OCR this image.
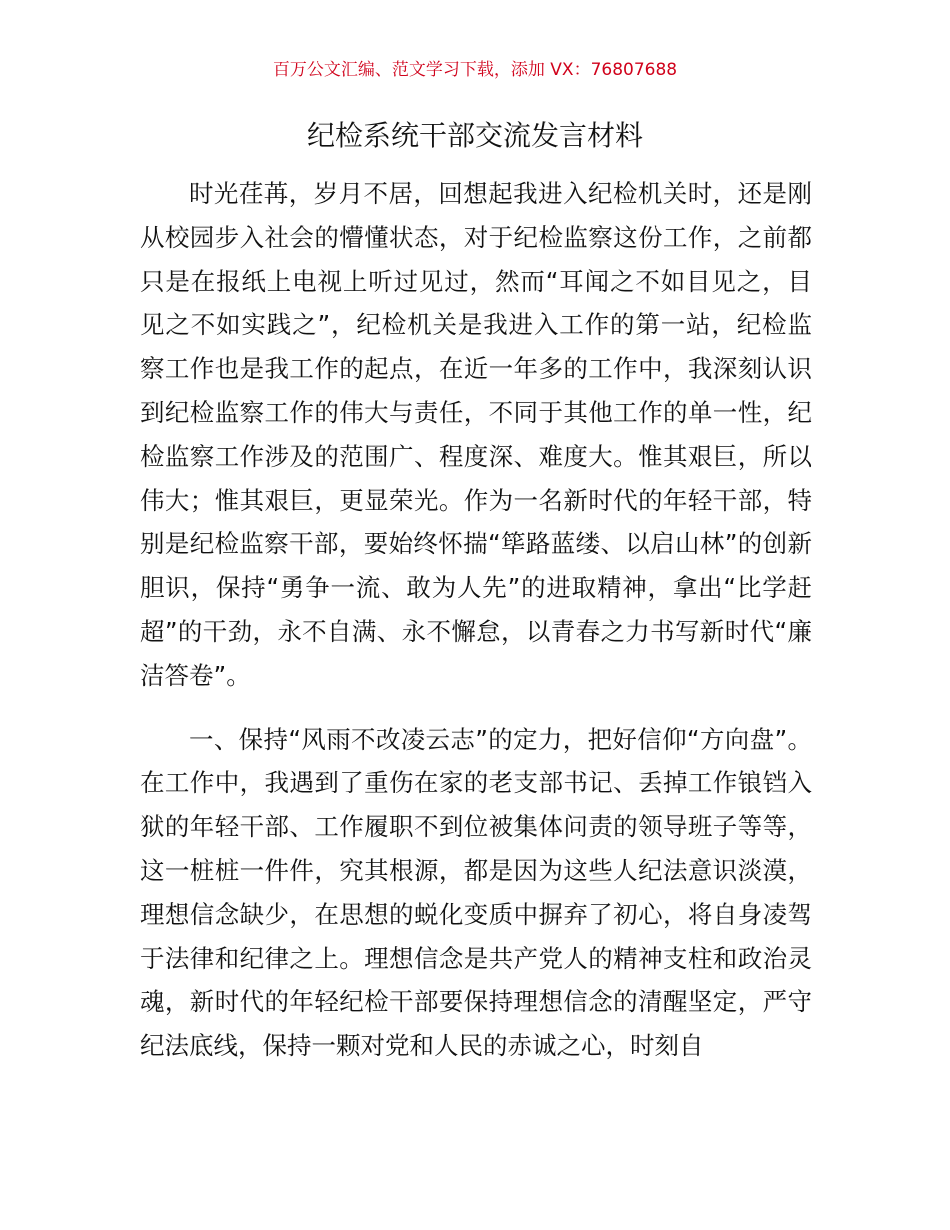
百万公文汇编、范文学习下载，添加 VX：76807688
纪检系统干部交流发言材料

时光荏苒，岁月不居，回想起我进入纪检机关时，还是刚从校园步入社会的懵懂状态，对于纪检监察这份工作，之前都只是在报纸上电视上听过见过，然而“耳闻之不如目见之，目见之不如实践之”，纪检机关是我进入工作的第一站，纪检监察工作也是我工作的起点，在近一年多的工作中，我深刻认识到纪检监察工作的伟大与责任，不同于其他工作的单一性，纪检监察工作涉及的范围广、程度深、难度大。惟其艰巨，所以伟大；惟其艰巨，更显荣光。作为一名新时代的年轻干部，特别是纪检监察干部，要始终怀揣“筚路蓝缕、以启山林”的创新胆识，保持“勇争一流、敢为人先”的进取精神，拿出“比学赶超”的干劲，永不自满、永不懈怠，以青春之力书写新时代“廉洁答卷”。

一、保持“风雨不改凌云志”的定力，把好信仰“方向盘”。在工作中，我遇到了重伤在家的老支部书记、丢掉工作锒铛入狱的年轻干部、工作履职不到位被集体问责的领导班子等等，这一桩桩一件件，究其根源，都是因为这些人纪法意识淡漠，理想信念缺少，在思想的蜕化变质中摒弃了初心，将自身凌驾于法律和纪律之上。理想信念是共产党人的精神支柱和政治灵魂，新时代的年轻纪检干部要保持理想信念的清醒坚定，严守纪法底线，保持一颗对党和人民的赤诚之心，时刻自
